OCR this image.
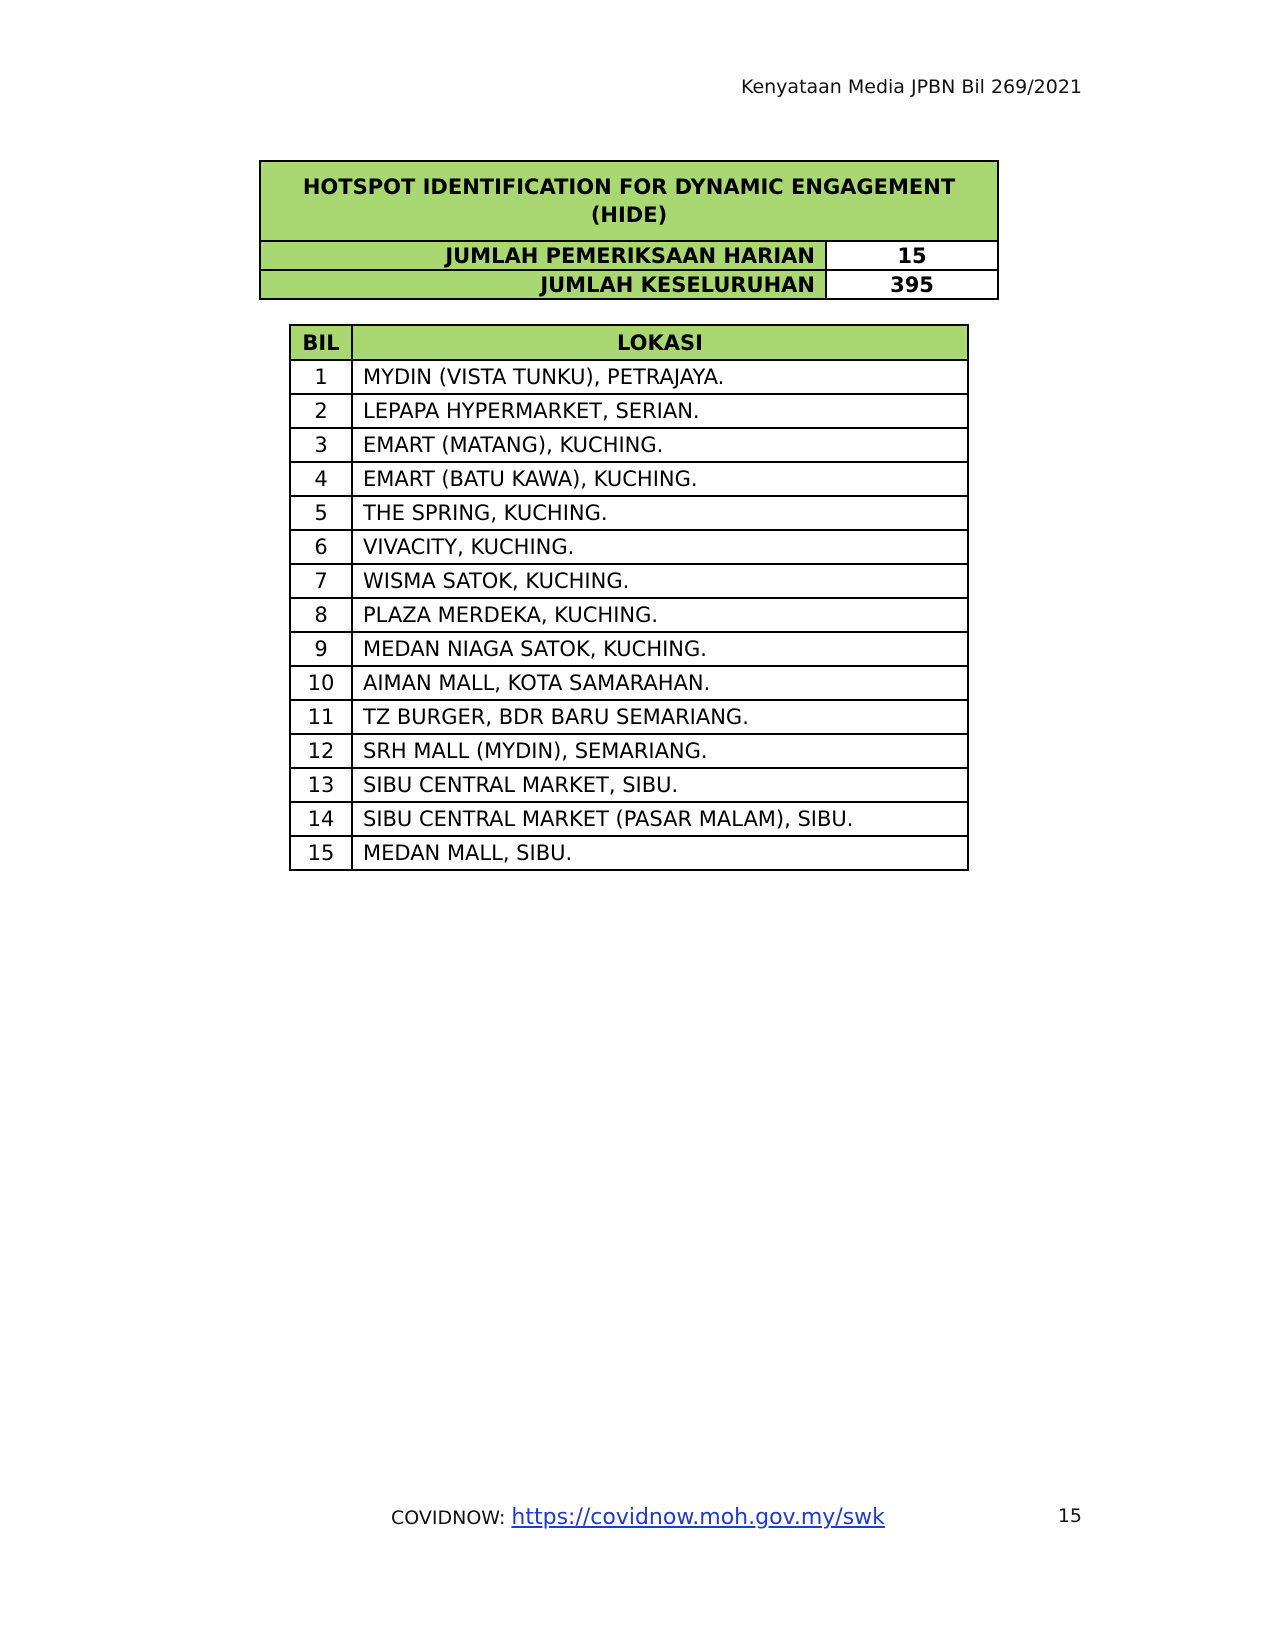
Kenyataan Media JPBN Bil 269/2021
HOTSPOT IDENTIFICATION FOR DYNAMIC ENGAGEMENT (HIDE)	
JUMLAH PEMERIKSAAN HARIAN	15
JUMLAH KESELURUHAN	395
BIL	LOKASI
1	MYDIN (VISTA TUNKU), PETRAJAYA.
2	LEPAPA HYPERMARKET, SERIAN.
3	EMART (MATANG), KUCHING.
4	EMART (BATU KAWA), KUCHING.
5	THE SPRING, KUCHING.
6	VIVACITY, KUCHING.
7	WISMA SATOK, KUCHING.
8	PLAZA MERDEKA, KUCHING.
9	MEDAN NIAGA SATOK, KUCHING.
10	AIMAN MALL, KOTA SAMARAHAN.
11	TZ BURGER, BDR BARU SEMARIANG.
12	SRH MALL (MYDIN), SEMARIANG.
13	SIBU CENTRAL MARKET, SIBU.
14	SIBU CENTRAL MARKET (PASAR MALAM), SIBU.
15	MEDAN MALL, SIBU.
COVIDNOW: https://covidnow.moh.gov.my/swk	15
